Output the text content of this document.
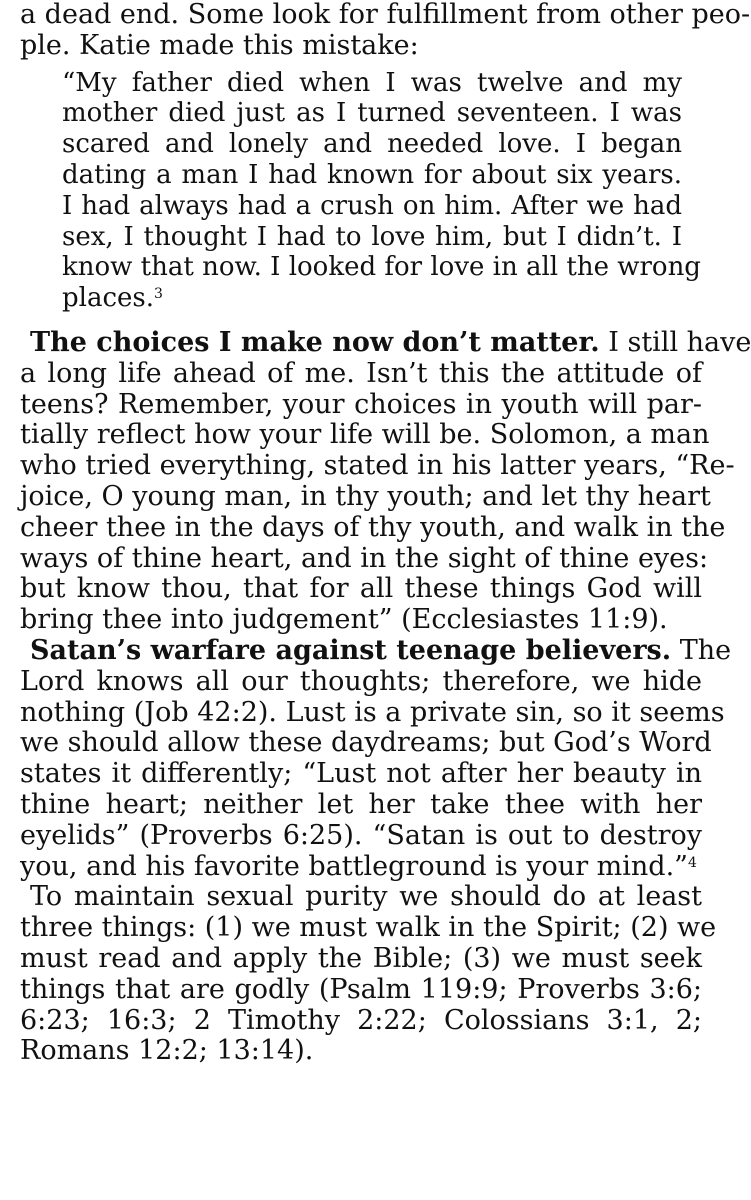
a dead end. Some look for fulfillment from other peo-
ple. Katie made this mistake:
“My father died when I was twelve and my
mother died just as I turned seventeen. I was
scared and lonely and needed love. I began
dating a man I had known for about six years.
I had always had a crush on him. After we had
sex, I thought I had to love him, but I didn’t. I
know that now. I looked for love in all the wrong
places.$^3$
The choices I make now don’t matter. I still have
a long life ahead of me. Isn’t this the attitude of
teens? Remember, your choices in youth will par-
tially reflect how your life will be. Solomon, a man
who tried everything, stated in his latter years, “Re-
joice, O young man, in thy youth; and let thy heart
cheer thee in the days of thy youth, and walk in the
ways of thine heart, and in the sight of thine eyes:
but know thou, that for all these things God will
bring thee into judgement” (Ecclesiastes 11:9).
Satan’s warfare against teenage believers. The
Lord knows all our thoughts; therefore, we hide
nothing (Job 42:2). Lust is a private sin, so it seems
we should allow these daydreams; but God’s Word
states it differently; “Lust not after her beauty in
thine heart; neither let her take thee with her
eyelids” (Proverbs 6:25). “Satan is out to destroy
you, and his favorite battleground is your mind.”$^4$
To maintain sexual purity we should do at least
three things: (1) we must walk in the Spirit; (2) we
must read and apply the Bible; (3) we must seek
things that are godly (Psalm 119:9; Proverbs 3:6;
6:23; 16:3; 2 Timothy 2:22; Colossians 3:1, 2;
Romans 12:2; 13:14).
